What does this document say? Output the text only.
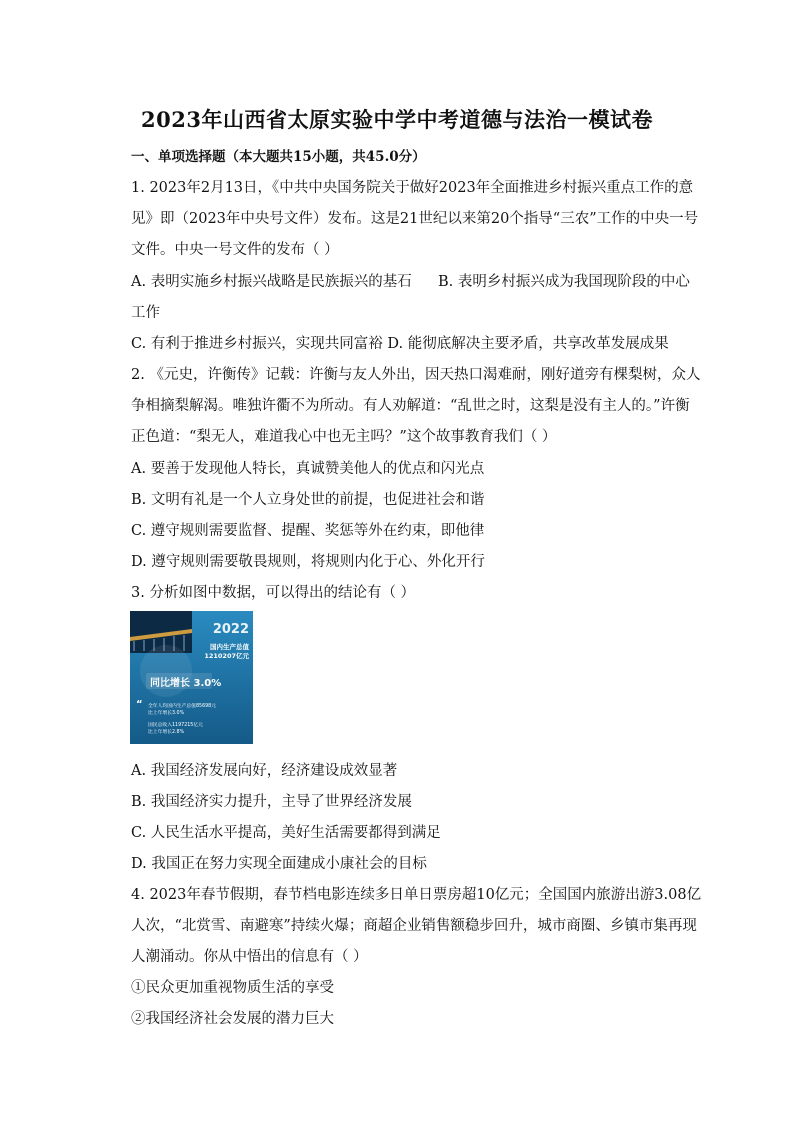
2023年山西省太原实验中学中考道德与法治一模试卷
一、单项选择题（本大题共15小题，共45.0分）
1. 2023年2月13日，《中共中央国务院关于做好2023年全面推进乡村振兴重点工作的意
见》即（2023年中央号文件）发布。这是21世纪以来第20个指导“三农”工作的中央一号
文件。中央一号文件的发布（ ）
A. 表明实施乡村振兴战略是民族振兴的基石 B. 表明乡村振兴成为我国现阶段的中心
工作
C. 有利于推进乡村振兴，实现共同富裕 D. 能彻底解决主要矛盾，共享改革发展成果
2. 《元史，许衡传》记载：许衡与友人外出，因天热口渴难耐，刚好道旁有棵梨树，众人
争相摘梨解渴。唯独许衢不为所动。有人劝解道：“乱世之时，这梨是没有主人的。”许衡
正色道：“梨无人，难道我心中也无主吗？”这个故事教育我们（ ）
A. 要善于发现他人特长，真诚赞美他人的优点和闪光点
B. 文明有礼是一个人立身处世的前提，也促进社会和谐
C. 遵守规则需要监督、提醒、奖惩等外在约束，即他律
D. 遵守规则需要敬畏规则，将规则内化于心、外化开行
3. 分析如图中数据，可以得出的结论有（ ）
2022
国内生产总值
1210207亿元
同比增长 3.0%
“ 全年人均国内生产总值85698元
比上年增长3.0%
国民总收入1197215亿元
比上年增长2.8%
A. 我国经济发展向好，经济建设成效显著
B. 我国经济实力提升，主导了世界经济发展
C. 人民生活水平提高，美好生活需要都得到满足
D. 我国正在努力实现全面建成小康社会的目标
4. 2023年春节假期，春节档电影连续多日单日票房超10亿元；全国国内旅游出游3.08亿
人次，“北赏雪、南避寒”持续火爆；商超企业销售额稳步回升，城市商圈、乡镇市集再现
人潮涌动。你从中悟出的信息有（ ）
①民众更加重视物质生活的享受
②我国经济社会发展的潜力巨大
